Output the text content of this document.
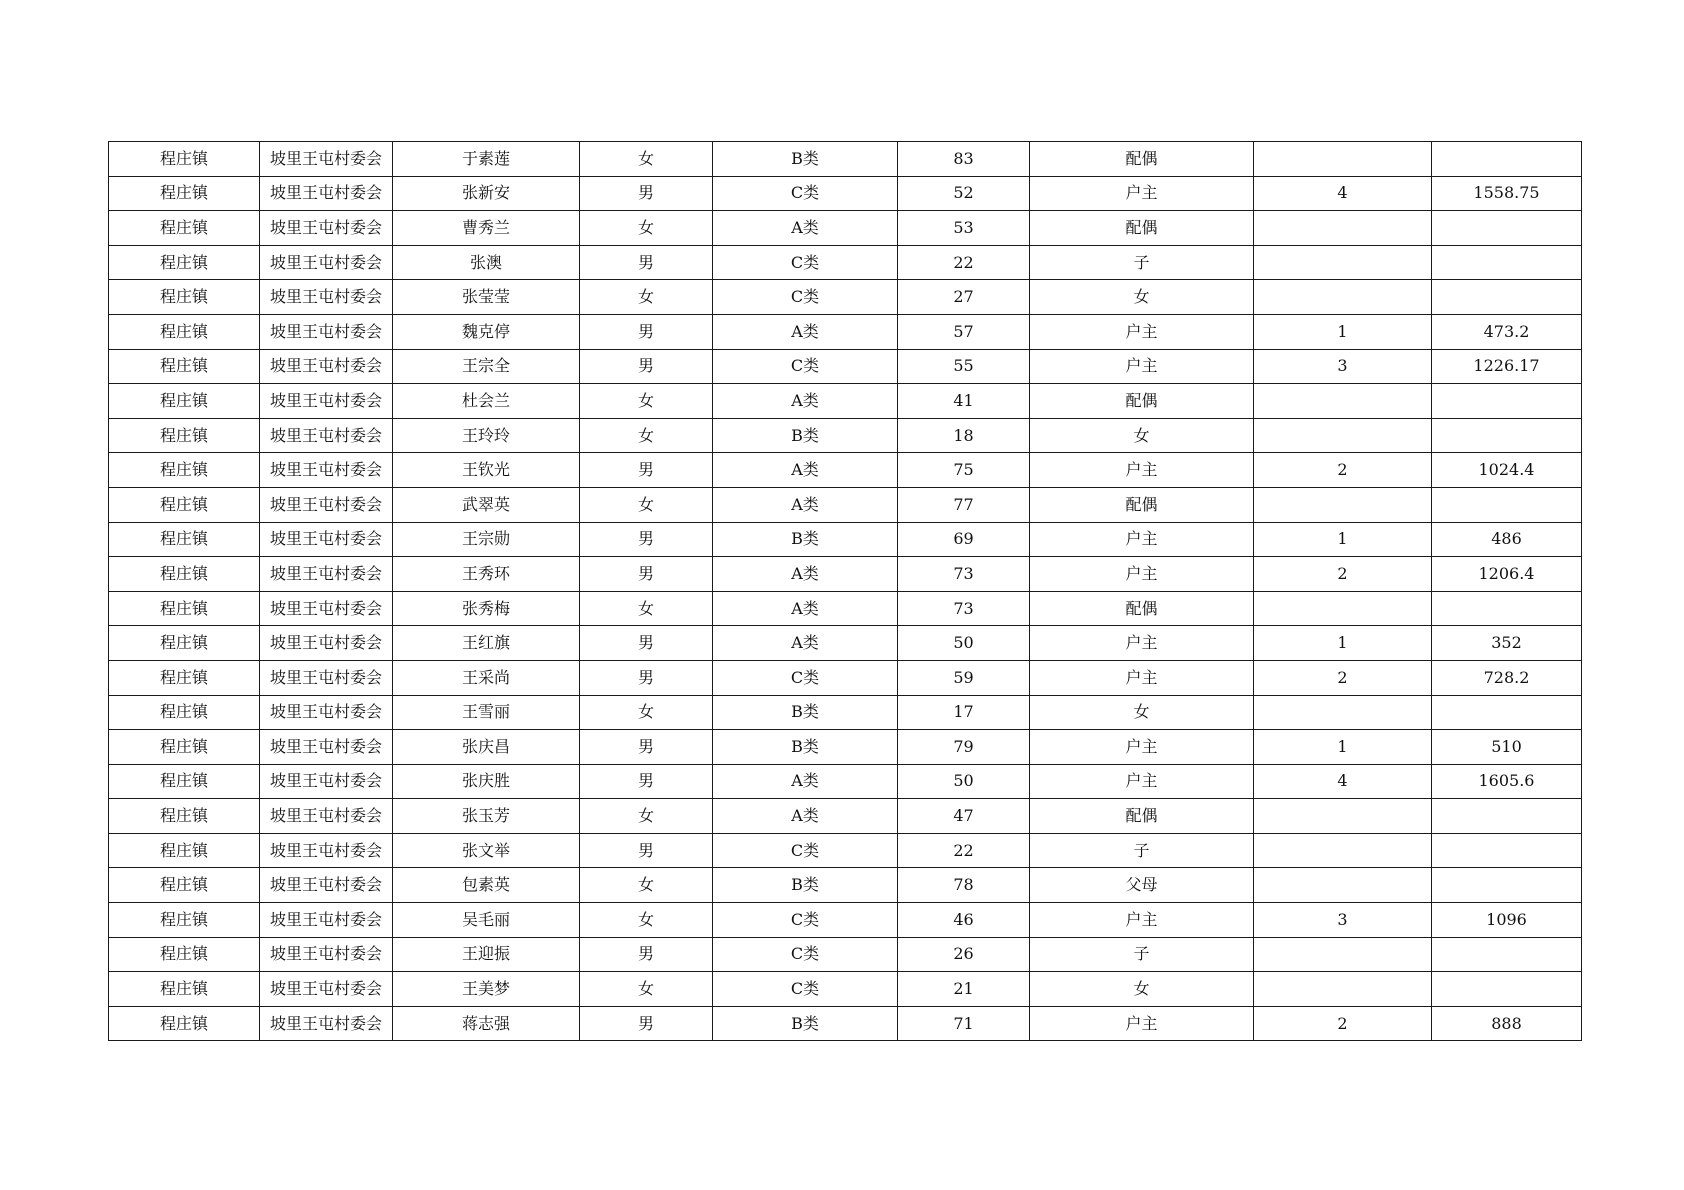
程庄镇	坡里王屯村委会	于素莲	女	B类	83	配偶		
程庄镇	坡里王屯村委会	张新安	男	C类	52	户主	4	1558.75
程庄镇	坡里王屯村委会	曹秀兰	女	A类	53	配偶		
程庄镇	坡里王屯村委会	张澳	男	C类	22	子		
程庄镇	坡里王屯村委会	张莹莹	女	C类	27	女		
程庄镇	坡里王屯村委会	魏克停	男	A类	57	户主	1	473.2
程庄镇	坡里王屯村委会	王宗全	男	C类	55	户主	3	1226.17
程庄镇	坡里王屯村委会	杜会兰	女	A类	41	配偶		
程庄镇	坡里王屯村委会	王玲玲	女	B类	18	女		
程庄镇	坡里王屯村委会	王钦光	男	A类	75	户主	2	1024.4
程庄镇	坡里王屯村委会	武翠英	女	A类	77	配偶		
程庄镇	坡里王屯村委会	王宗勋	男	B类	69	户主	1	486
程庄镇	坡里王屯村委会	王秀环	男	A类	73	户主	2	1206.4
程庄镇	坡里王屯村委会	张秀梅	女	A类	73	配偶		
程庄镇	坡里王屯村委会	王红旗	男	A类	50	户主	1	352
程庄镇	坡里王屯村委会	王采尚	男	C类	59	户主	2	728.2
程庄镇	坡里王屯村委会	王雪丽	女	B类	17	女		
程庄镇	坡里王屯村委会	张庆昌	男	B类	79	户主	1	510
程庄镇	坡里王屯村委会	张庆胜	男	A类	50	户主	4	1605.6
程庄镇	坡里王屯村委会	张玉芳	女	A类	47	配偶		
程庄镇	坡里王屯村委会	张文举	男	C类	22	子		
程庄镇	坡里王屯村委会	包素英	女	B类	78	父母		
程庄镇	坡里王屯村委会	吴毛丽	女	C类	46	户主	3	1096
程庄镇	坡里王屯村委会	王迎振	男	C类	26	子		
程庄镇	坡里王屯村委会	王美梦	女	C类	21	女		
程庄镇	坡里王屯村委会	蒋志强	男	B类	71	户主	2	888
